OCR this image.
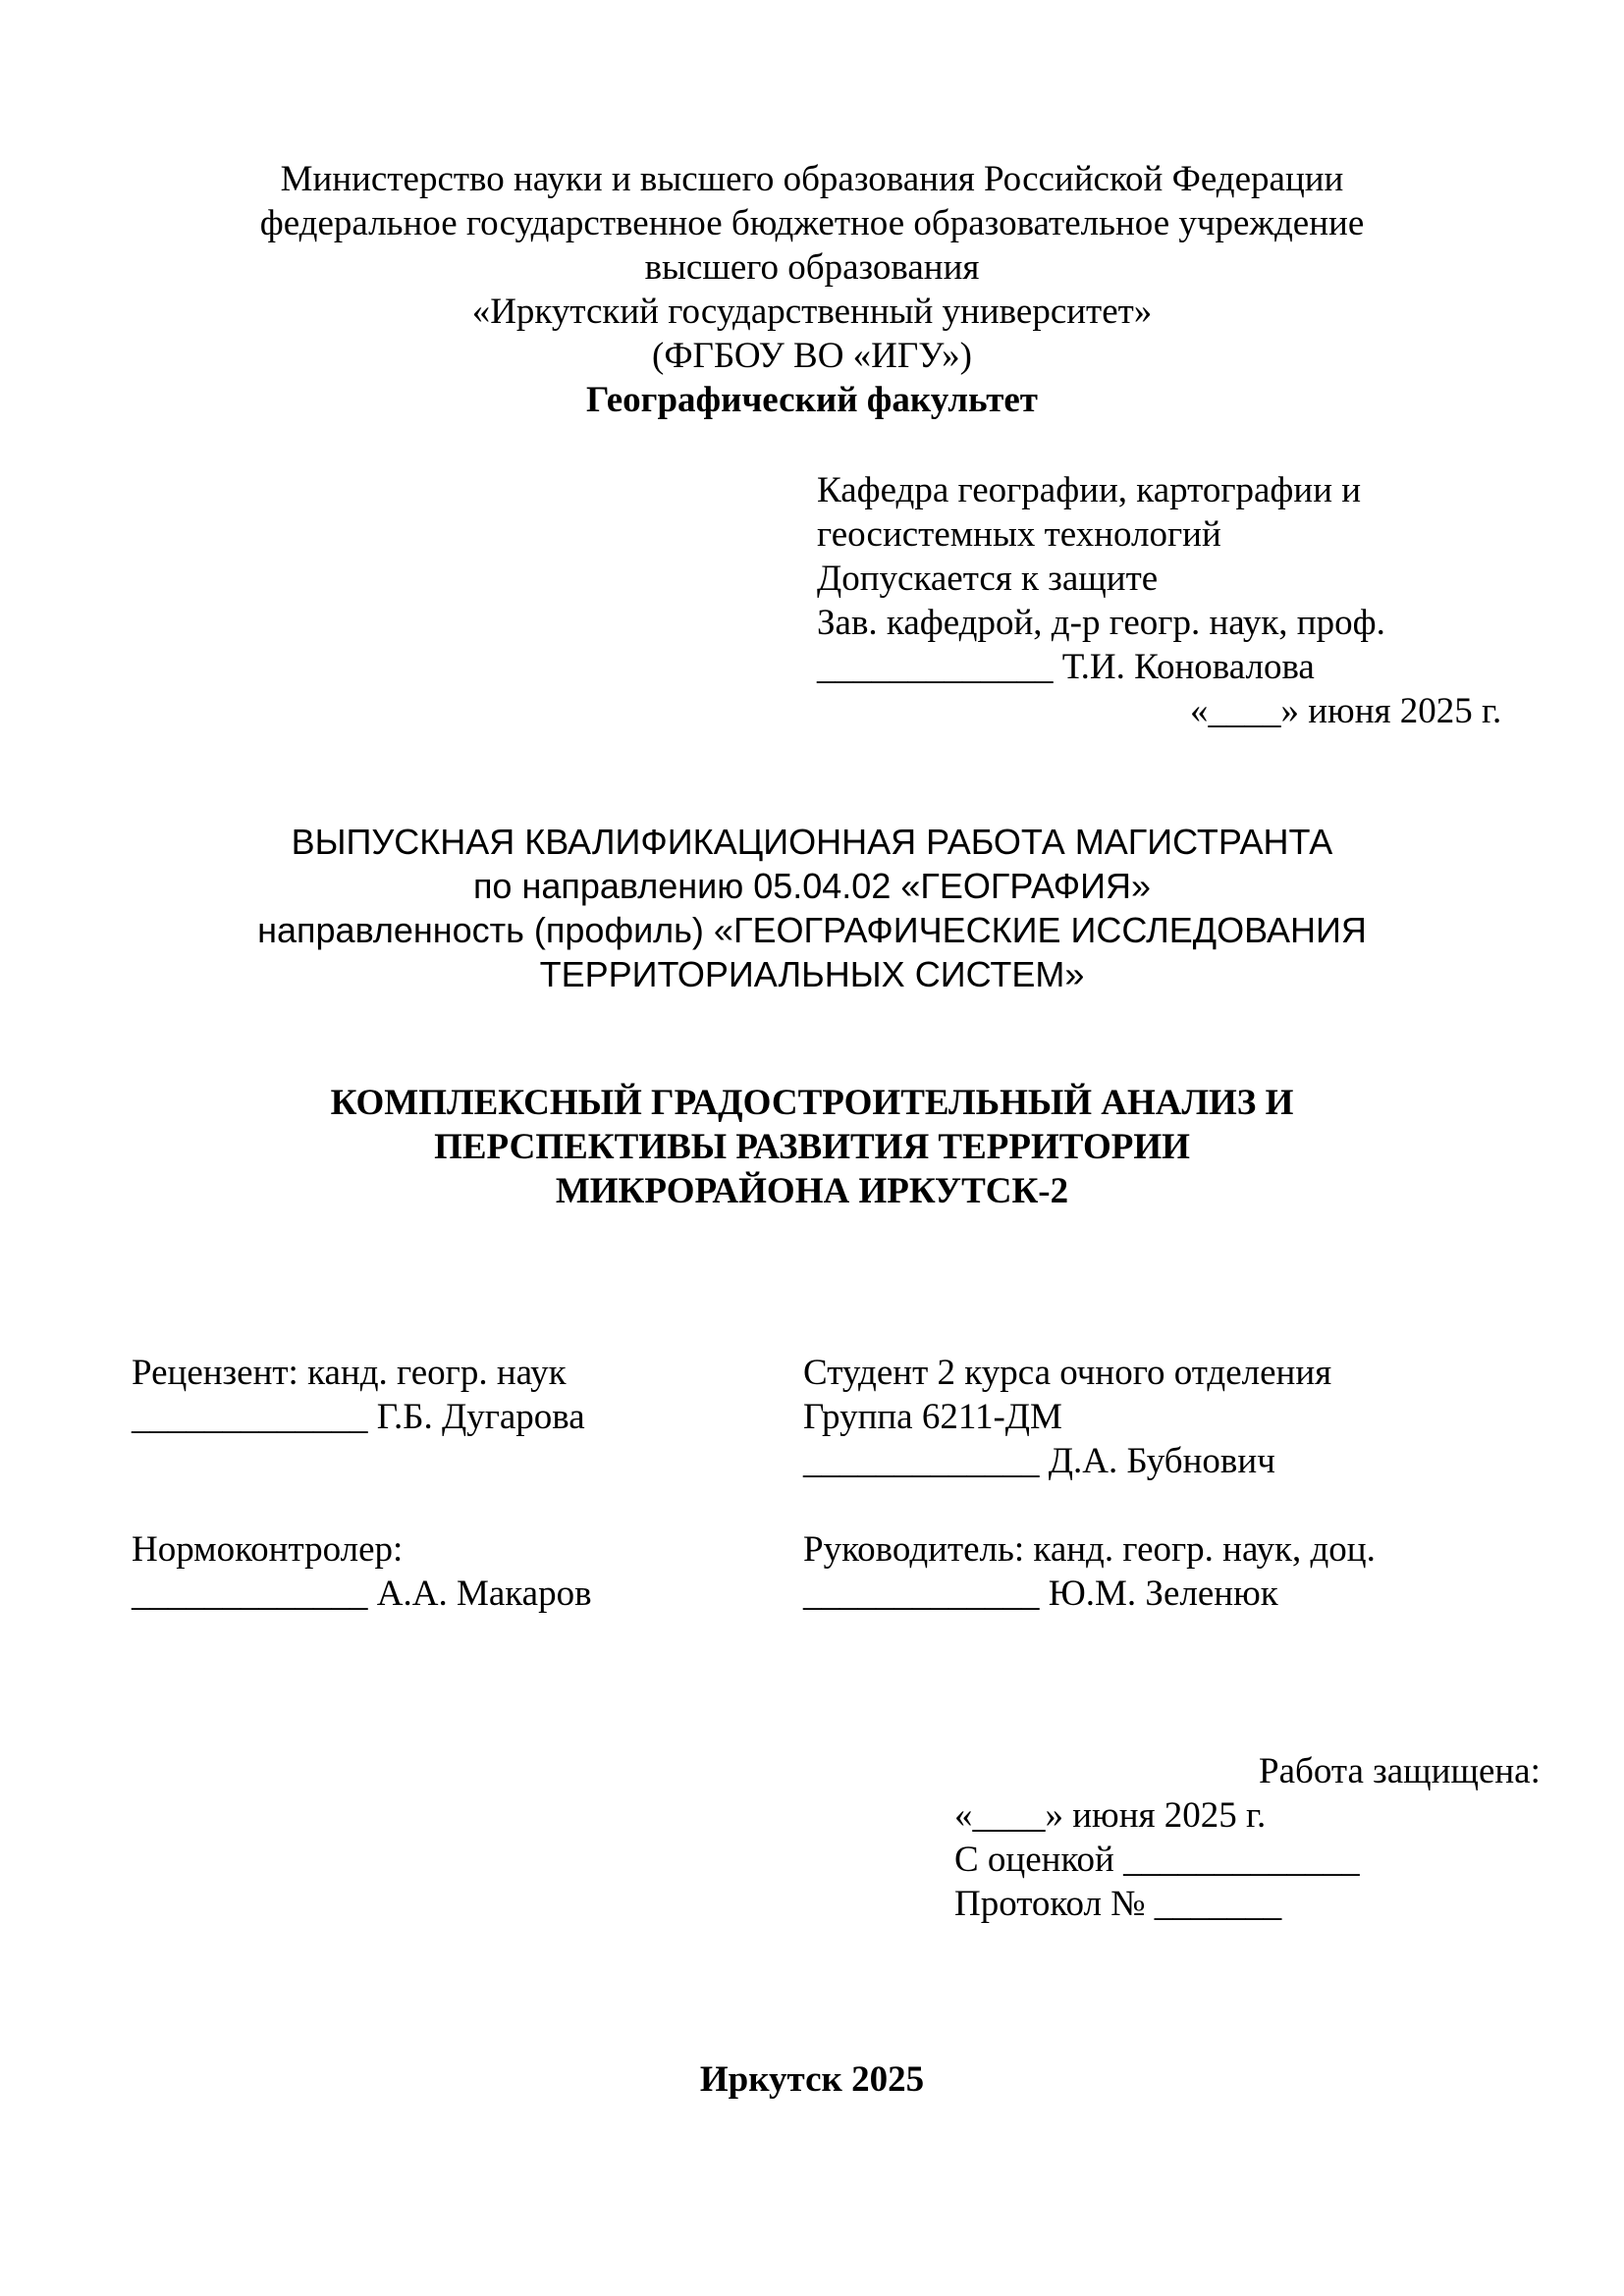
Министерство науки и высшего образования Российской Федерации
федеральное государственное бюджетное образовательное учреждение
высшего образования
«Иркутский государственный университет»
(ФГБОУ ВО «ИГУ»)
Географический факультет
Кафедра географии, картографии и
геосистемных технологий
Допускается к защите
Зав. кафедрой, д-р геогр. наук, проф.
_____________ Т.И. Коновалова
«____» июня 2025 г.
ВЫПУСКНАЯ КВАЛИФИКАЦИОННАЯ РАБОТА МАГИСТРАНТА
по направлению 05.04.02 «ГЕОГРАФИЯ»
направленность (профиль) «ГЕОГРАФИЧЕСКИЕ ИССЛЕДОВАНИЯ
ТЕРРИТОРИАЛЬНЫХ СИСТЕМ»
КОМПЛЕКСНЫЙ ГРАДОСТРОИТЕЛЬНЫЙ АНАЛИЗ И
ПЕРСПЕКТИВЫ РАЗВИТИЯ ТЕРРИТОРИИ
МИКРОРАЙОНА ИРКУТСК-2
Рецензент: канд. геогр. наук
_____________ Г.Б. Дугарова
Студент 2 курса очного отделения
Группа 6211-ДМ
_____________ Д.А. Бубнович
Нормоконтролер:
_____________ А.А. Макаров
Руководитель: канд. геогр. наук, доц.
_____________ Ю.М. Зеленюк
Работа защищена:
«____» июня 2025 г.
С оценкой _____________
Протокол № _______
Иркутск 2025
